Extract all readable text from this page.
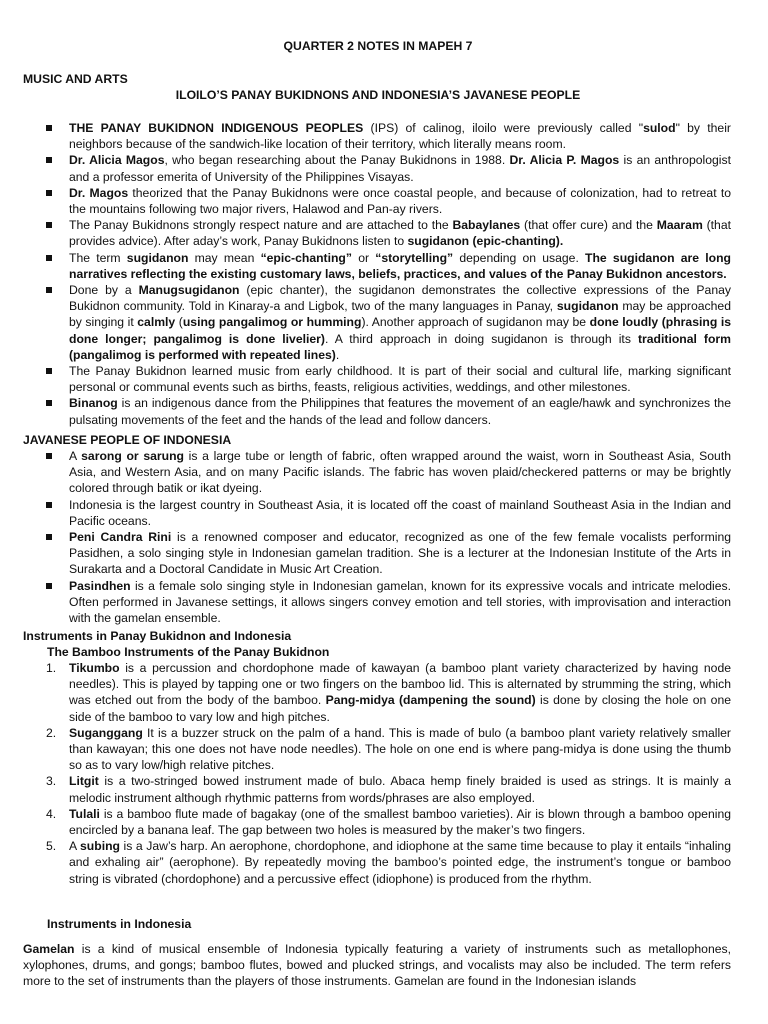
QUARTER 2 NOTES IN MAPEH 7
MUSIC AND ARTS
ILOILO’S PANAY BUKIDNONS AND INDONESIA’S JAVANESE PEOPLE
THE PANAY BUKIDNON INDIGENOUS PEOPLES (IPS) of calinog, iloilo were previously called "sulod" by their neighbors because of the sandwich-like location of their territory, which literally means room.
Dr. Alicia Magos, who began researching about the Panay Bukidnons in 1988. Dr. Alicia P. Magos is an anthropologist and a professor emerita of University of the Philippines Visayas.
Dr. Magos theorized that the Panay Bukidnons were once coastal people, and because of colonization, had to retreat to the mountains following two major rivers, Halawod and Pan-ay rivers.
The Panay Bukidnons strongly respect nature and are attached to the Babaylanes (that offer cure) and the Maaram (that provides advice). After aday’s work, Panay Bukidnons listen to sugidanon (epic-chanting).
The term sugidanon may mean “epic-chanting” or “storytelling” depending on usage. The sugidanon are long narratives reflecting the existing customary laws, beliefs, practices, and values of the Panay Bukidnon ancestors.
Done by a Manugsugidanon (epic chanter), the sugidanon demonstrates the collective expressions of the Panay Bukidnon community. Told in Kinaray-a and Ligbok, two of the many languages in Panay, sugidanon may be approached by singing it calmly (using pangalimog or humming). Another approach of sugidanon may be done loudly (phrasing is done longer; pangalimog is done livelier). A third approach in doing sugidanon is through its traditional form (pangalimog is performed with repeated lines).
The Panay Bukidnon learned music from early childhood. It is part of their social and cultural life, marking significant personal or communal events such as births, feasts, religious activities, weddings, and other milestones.
Binanog is an indigenous dance from the Philippines that features the movement of an eagle/hawk and synchronizes the pulsating movements of the feet and the hands of the lead and follow dancers.
JAVANESE PEOPLE OF INDONESIA
A sarong or sarung is a large tube or length of fabric, often wrapped around the waist, worn in Southeast Asia, South Asia, and Western Asia, and on many Pacific islands. The fabric has woven plaid/checkered patterns or may be brightly colored through batik or ikat dyeing.
Indonesia is the largest country in Southeast Asia, it is located off the coast of mainland Southeast Asia in the Indian and Pacific oceans.
Peni Candra Rini is a renowned composer and educator, recognized as one of the few female vocalists performing Pasidhen, a solo singing style in Indonesian gamelan tradition. She is a lecturer at the Indonesian Institute of the Arts in Surakarta and a Doctoral Candidate in Music Art Creation.
Pasindhen is a female solo singing style in Indonesian gamelan, known for its expressive vocals and intricate melodies. Often performed in Javanese settings, it allows singers convey emotion and tell stories, with improvisation and interaction with the gamelan ensemble.
Instruments in Panay Bukidnon and Indonesia
The Bamboo Instruments of the Panay Bukidnon
1. Tikumbo is a percussion and chordophone made of kawayan (a bamboo plant variety characterized by having node needles). This is played by tapping one or two fingers on the bamboo lid. This is alternated by strumming the string, which was etched out from the body of the bamboo. Pang-midya (dampening the sound) is done by closing the hole on one side of the bamboo to vary low and high pitches.
2. Suganggang It is a buzzer struck on the palm of a hand. This is made of bulo (a bamboo plant variety relatively smaller than kawayan; this one does not have node needles). The hole on one end is where pang-midya is done using the thumb so as to vary low/high relative pitches.
3. Litgit is a two-stringed bowed instrument made of bulo. Abaca hemp finely braided is used as strings. It is mainly a melodic instrument although rhythmic patterns from words/phrases are also employed.
4. Tulali is a bamboo flute made of bagakay (one of the smallest bamboo varieties). Air is blown through a bamboo opening encircled by a banana leaf. The gap between two holes is measured by the maker’s two fingers.
5. A subing is a Jaw’s harp. An aerophone, chordophone, and idiophone at the same time because to play it entails “inhaling and exhaling air” (aerophone). By repeatedly moving the bamboo’s pointed edge, the instrument’s tongue or bamboo string is vibrated (chordophone) and a percussive effect (idiophone) is produced from the rhythm.
Instruments in Indonesia
Gamelan is a kind of musical ensemble of Indonesia typically featuring a variety of instruments such as metallophones, xylophones, drums, and gongs; bamboo flutes, bowed and plucked strings, and vocalists may also be included. The term refers more to the set of instruments than the players of those instruments. Gamelan are found in the Indonesian islands
